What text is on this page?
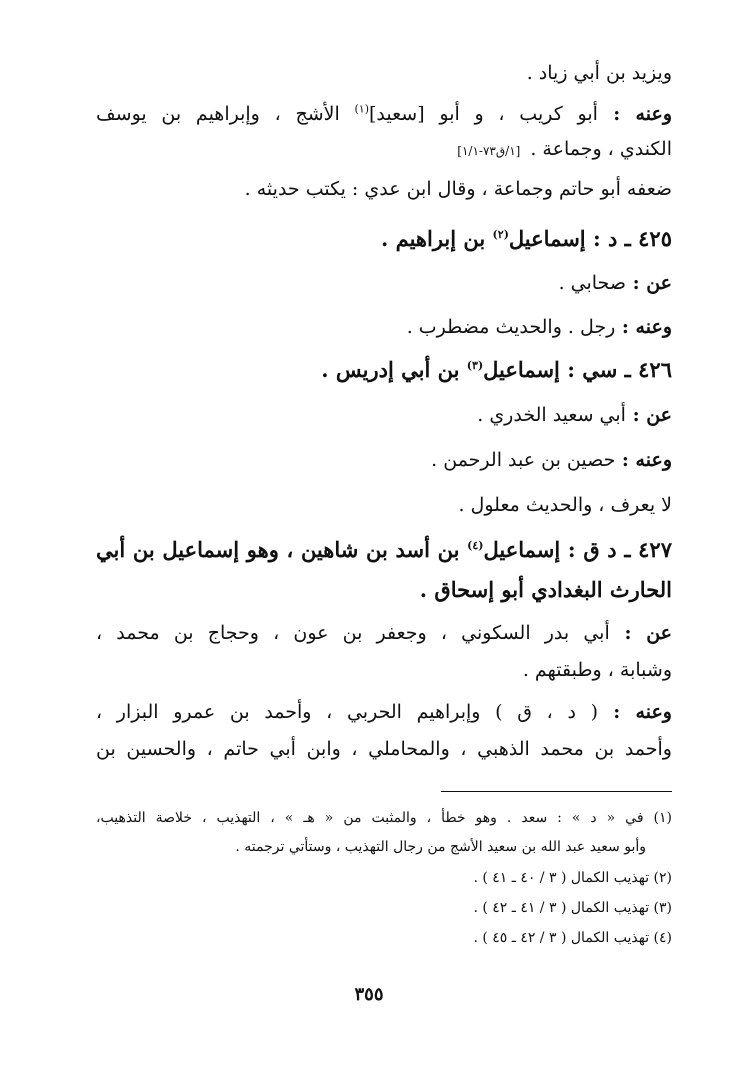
ويزيد بن أبي زياد .
وعنه : أبو كريب ، و أبو [سعيد]$^{(١)}$ الأشج ، وإبراهيم بن يوسف
الكندي ، وجماعة .[١/ق٧٣-١/١]
ضعفه أبو حاتم وجماعة ، وقال ابن عدي : يكتب حديثه .
٤٢٥ ـ د : إسماعيل$^{(٢)}$ بن إبراهيم .
عن : صحابي .
وعنه : رجل . والحديث مضطرب .
٤٢٦ ـ سي : إسماعيل$^{(٣)}$ بن أبي إدريس .
عن : أبي سعيد الخدري .
وعنه : حصين بن عبد الرحمن .
لا يعرف ، والحديث معلول .
٤٢٧ ـ د ق : إسماعيل$^{(٤)}$ بن أسد بن شاهين ، وهو إسماعيل بن أبي
الحارث البغدادي أبو إسحاق .
عن : أبي بدر السكوني ، وجعفر بن عون ، وحجاج بن محمد ،
وشبابة ، وطبقتهم .
وعنه : ( د ، ق ) وإبراهيم الحربي ، وأحمد بن عمرو البزار ،
وأحمد بن محمد الذهبي ، والمحاملي ، وابن أبي حاتم ، والحسين بن
(١) في « د » : سعد . وهو خطأ ، والمثبت من « هـ » ، التهذيب ، خلاصة التذهيب،
وأبو سعيد عبد الله بن سعيد الأشج من رجال التهذيب ، وستأتي ترجمته .
(٢) تهذيب الكمال ( ٣ / ٤٠ ـ ٤١ ) .
(٣) تهذيب الكمال ( ٣ / ٤١ ـ ٤٢ ) .
(٤) تهذيب الكمال ( ٣ / ٤٢ ـ ٤٥ ) .
٣٥٥
